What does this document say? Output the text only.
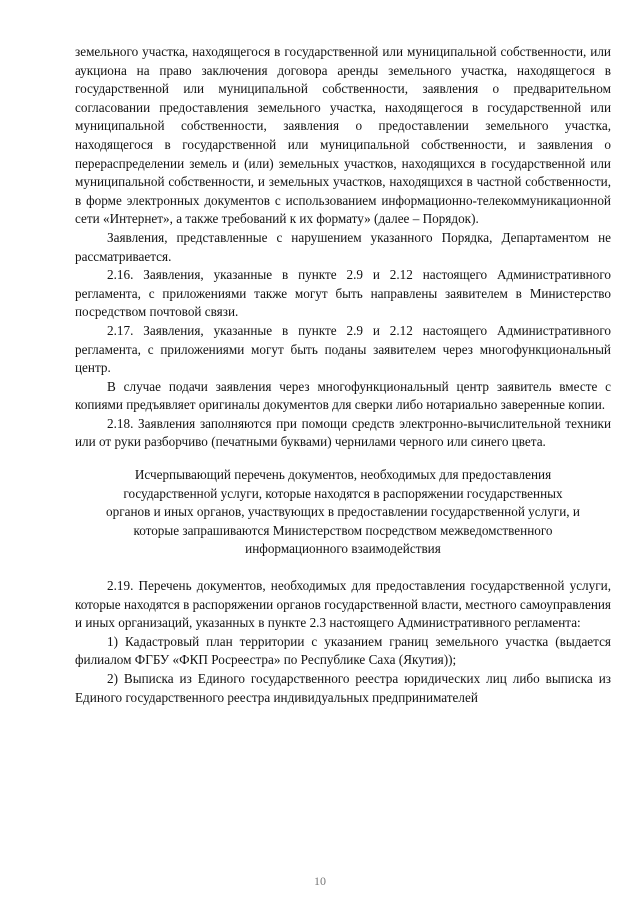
земельного участка, находящегося в государственной или муниципальной собственности, или аукциона на право заключения договора аренды земельного участка, находящегося в государственной или муниципальной собственности, заявления о предварительном согласовании предоставления земельного участка, находящегося в государственной или муниципальной собственности, заявления о предоставлении земельного участка, находящегося в государственной или муниципальной собственности, и заявления о перераспределении земель и (или) земельных участков, находящихся в государственной или муниципальной собственности, и земельных участков, находящихся в частной собственности, в форме электронных документов с использованием информационно-телекоммуникационной сети «Интернет», а также требований к их формату» (далее – Порядок).

Заявления, представленные с нарушением указанного Порядка, Департаментом не рассматривается.

2.16. Заявления, указанные в пункте 2.9 и 2.12 настоящего Административного регламента, с приложениями также могут быть направлены заявителем в Министерство посредством почтовой связи.

2.17. Заявления, указанные в пункте 2.9 и 2.12 настоящего Административного регламента, с приложениями могут быть поданы заявителем через многофункциональный центр.

В случае подачи заявления через многофункциональный центр заявитель вместе с копиями предъявляет оригиналы документов для сверки либо нотариально заверенные копии.

2.18. Заявления заполняются при помощи средств электронно-вычислительной техники или от руки разборчиво (печатными буквами) чернилами черного или синего цвета.

Исчерпывающий перечень документов, необходимых для предоставления
государственной услуги, которые находятся в распоряжении государственных
органов и иных органов, участвующих в предоставлении государственной услуги, и
которые запрашиваются Министерством посредством межведомственного
информационного взаимодействия

2.19. Перечень документов, необходимых для предоставления государственной услуги, которые находятся в распоряжении органов государственной власти, местного самоуправления и иных организаций, указанных в пункте 2.3 настоящего Административного регламента:

1) Кадастровый план территории с указанием границ земельного участка (выдается филиалом ФГБУ «ФКП Росреестра» по Республике Саха (Якутия));

2) Выписка из Единого государственного реестра юридических лиц либо выписка из Единого государственного реестра индивидуальных предпринимателей

10
